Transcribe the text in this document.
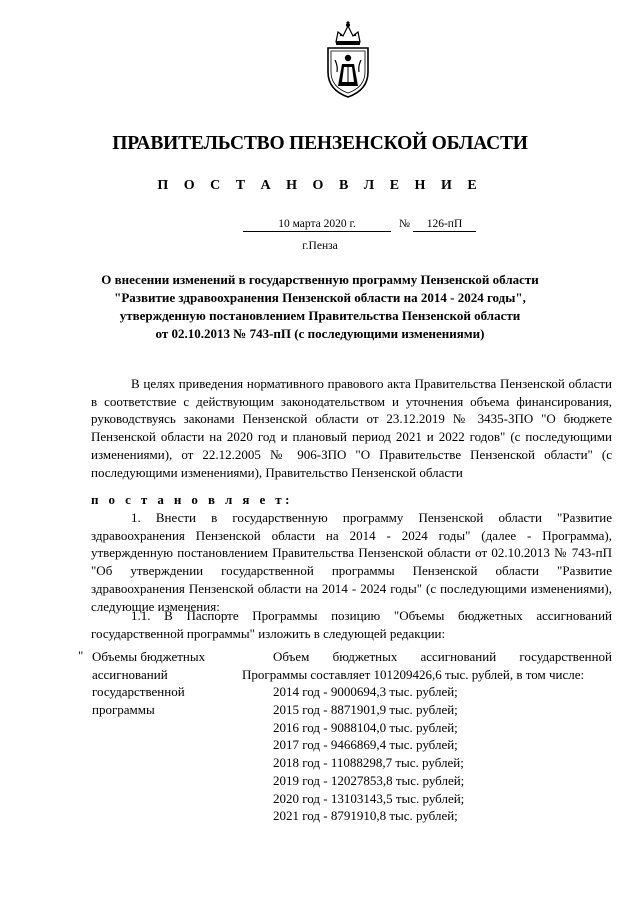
ПРАВИТЕЛЬСТВО ПЕНЗЕНСКОЙ ОБЛАСТИ
П О С Т А Н О В Л Е Н И Е
10 марта 2020 г.	№	126-пП
г.Пенза
О внесении изменений в государственную программу Пензенской области
"Развитие здравоохранения Пензенской области на 2014 - 2024 годы",
утвержденную постановлением Правительства Пензенской области
от 02.10.2013 № 743-пП (с последующими изменениями)
В целях приведения нормативного правового акта Правительства Пензенской области в соответствие с действующим законодательством и уточнения объема финансирования, руководствуясь законами Пензенской области от 23.12.2019 № 3435-ЗПО "О бюджете Пензенской области на 2020 год и плановый период 2021 и 2022 годов" (с последующими изменениями), от 22.12.2005 № 906-ЗПО "О Правительстве Пензенской области" (с последующими изменениями), Правительство Пензенской области
п о с т а н о в л я е т:
1. Внести в государственную программу Пензенской области "Развитие здравоохранения Пензенской области на 2014 - 2024 годы" (далее - Программа), утвержденную постановлением Правительства Пензенской области от 02.10.2013 № 743-пП "Об утверждении государственной программы Пензенской области "Развитие здравоохранения Пензенской области на 2014 - 2024 годы" (с последующими изменениями), следующие изменения:
1.1. В Паспорте Программы позицию "Объемы бюджетных ассигнований государственной программы" изложить в следующей редакции:
" Объемы бюджетных ассигнований государственной программы
Объем бюджетных ассигнований государственной Программы составляет 101209426,6 тыс. рублей, в том числе:
2014 год - 9000694,3 тыс. рублей;
2015 год - 8871901,9 тыс. рублей;
2016 год - 9088104,0 тыс. рублей;
2017 год - 9466869,4 тыс. рублей;
2018 год - 11088298,7 тыс. рублей;
2019 год - 12027853,8 тыс. рублей;
2020 год - 13103143,5 тыс. рублей;
2021 год - 8791910,8 тыс. рублей;
